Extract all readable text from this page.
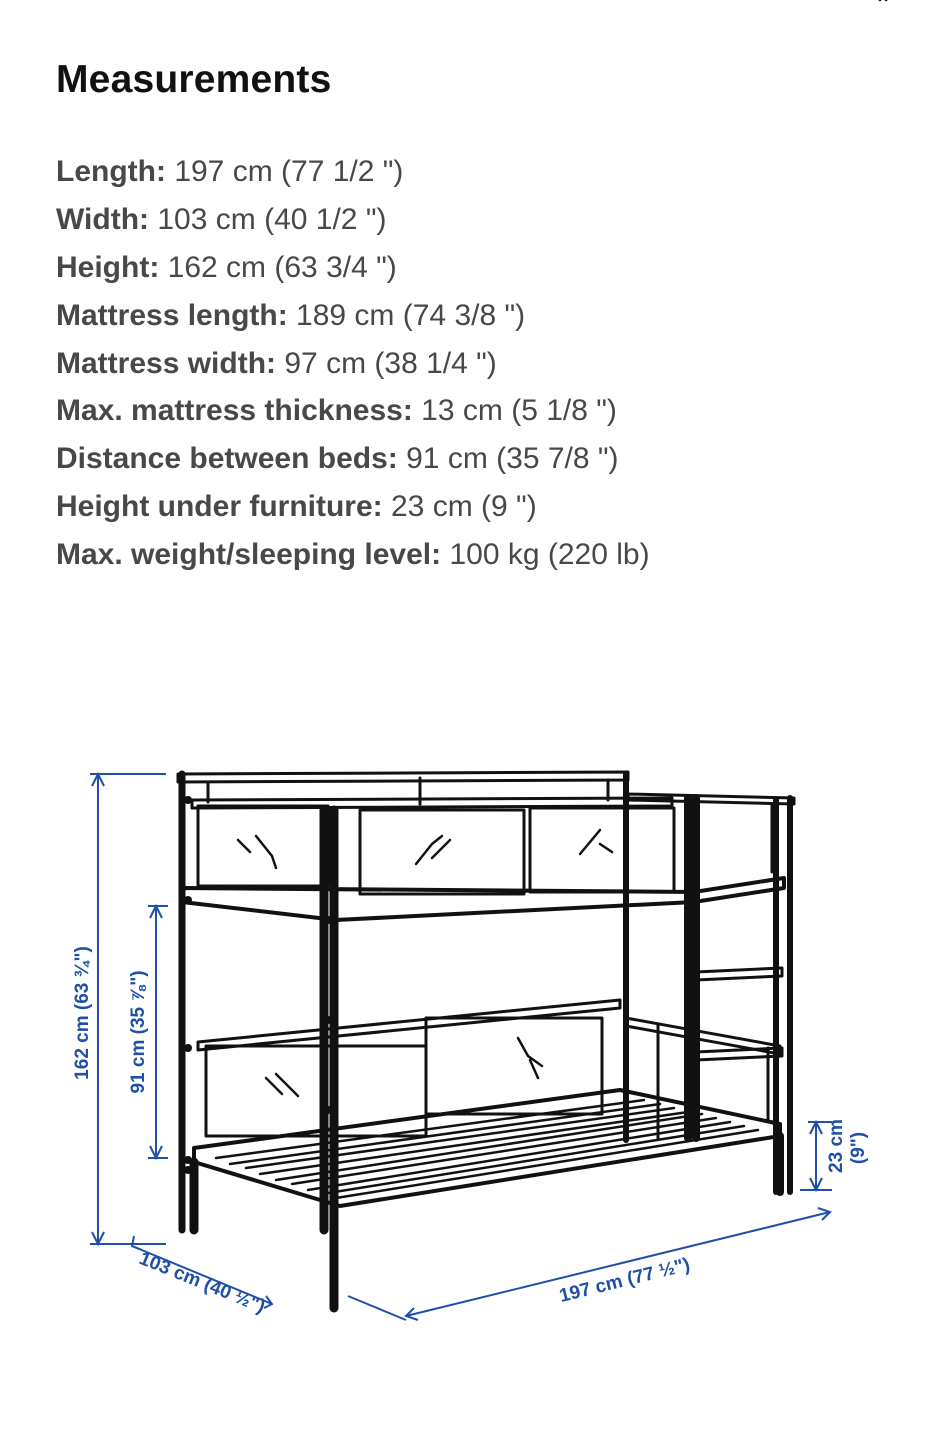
Measurements
Length: 197 cm (77 1/2 ")
Width: 103 cm (40 1/2 ")
Height: 162 cm (63 3/4 ")
Mattress length: 189 cm (74 3/8 ")
Mattress width: 97 cm (38 1/4 ")
Max. mattress thickness: 13 cm (5 1/8 ")
Distance between beds: 91 cm (35 7/8 ")
Height under furniture: 23 cm (9 ")
Max. weight/sleeping level: 100 kg (220 lb)
162 cm (63 ¾") 91 cm (35 ⅞")
23 cm (9")
103 cm (40 ½")	197 cm (77 ½")
